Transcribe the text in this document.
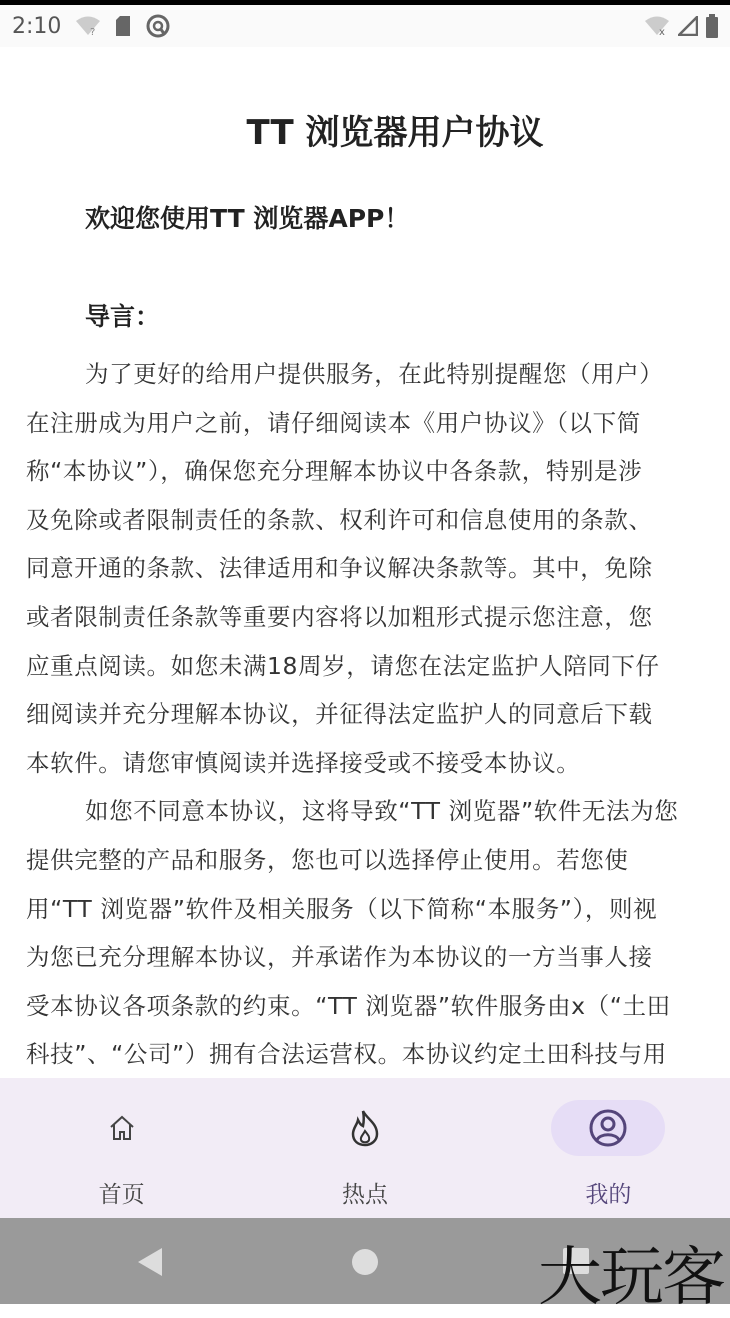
2:10	?	x
TT 浏览器用户协议
欢迎您使用TT 浏览器APP！
导言：
为了更好的给用户提供服务，在此特别提醒您（用户）
在注册成为用户之前，请仔细阅读本《用户协议》（以下简
称“本协议”），确保您充分理解本协议中各条款，特别是涉
及免除或者限制责任的条款、权利许可和信息使用的条款、
同意开通的条款、法律适用和争议解决条款等。其中，免除
或者限制责任条款等重要内容将以加粗形式提示您注意，您
应重点阅读。如您未满18周岁，请您在法定监护人陪同下仔
细阅读并充分理解本协议，并征得法定监护人的同意后下载
本软件。请您审慎阅读并选择接受或不接受本协议。
如您不同意本协议，这将导致“TT 浏览器”软件无法为您
提供完整的产品和服务，您也可以选择停止使用。若您使
用“TT 浏览器”软件及相关服务（以下简称“本服务”），则视
为您已充分理解本协议，并承诺作为本协议的一方当事人接
受本协议各项条款的约束。“TT 浏览器”软件服务由x（“土田
科技”、“公司”）拥有合法运营权。本协议约定土田科技与用
首页	热点	我的
大玩客
